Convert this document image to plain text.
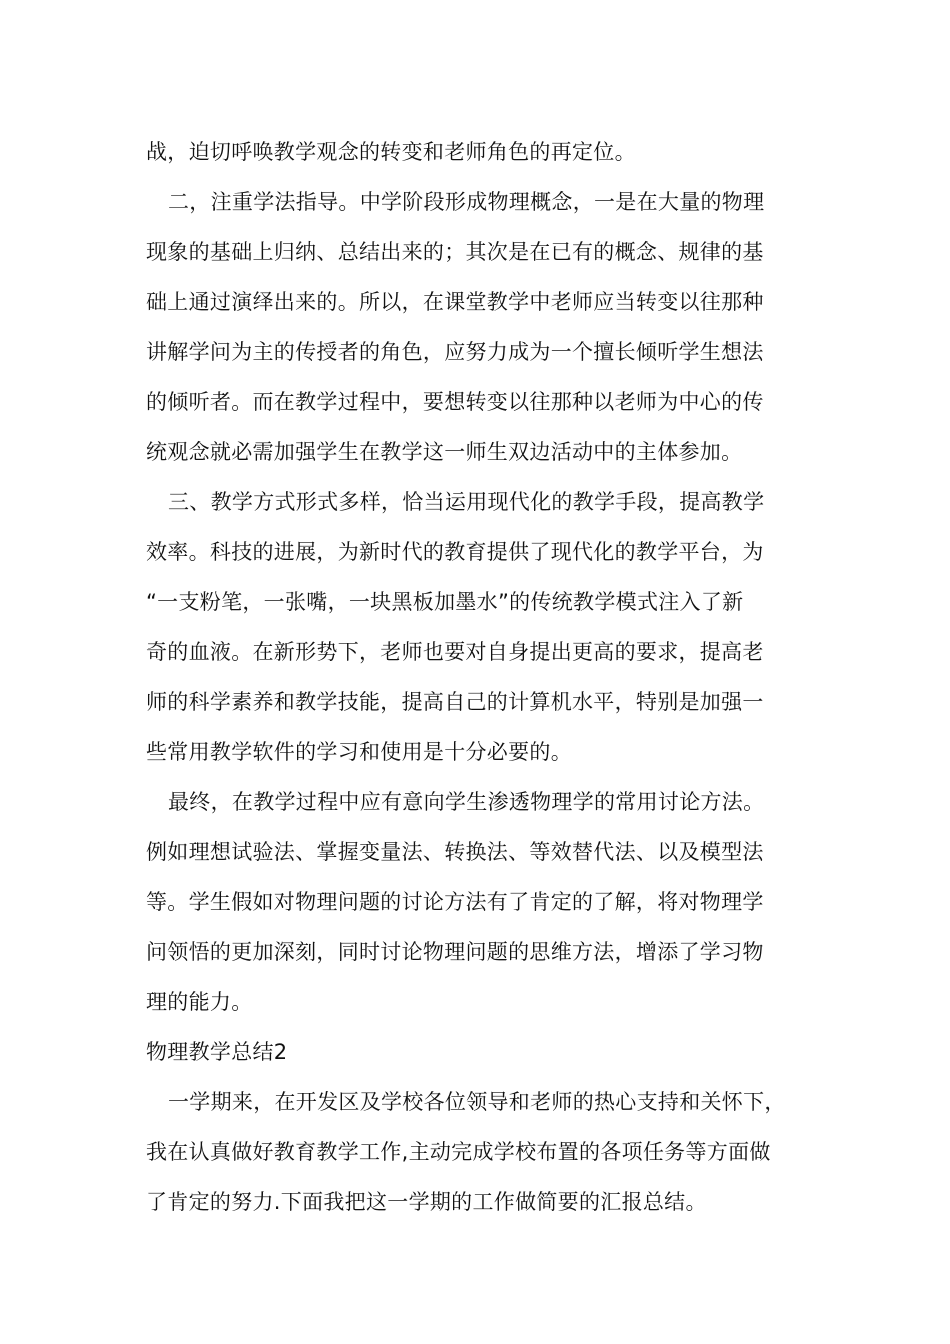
战，迫切呼唤教学观念的转变和老师角色的再定位。
二，注重学法指导。中学阶段形成物理概念，一是在大量的物理
现象的基础上归纳、总结出来的；其次是在已有的概念、规律的基
础上通过演绎出来的。所以，在课堂教学中老师应当转变以往那种
讲解学问为主的传授者的角色，应努力成为一个擅长倾听学生想法
的倾听者。而在教学过程中，要想转变以往那种以老师为中心的传
统观念就必需加强学生在教学这一师生双边活动中的主体参加。
三、教学方式形式多样，恰当运用现代化的教学手段，提高教学
效率。科技的进展，为新时代的教育提供了现代化的教学平台，为
“一支粉笔，一张嘴，一块黑板加墨水”的传统教学模式注入了新
奇的血液。在新形势下，老师也要对自身提出更高的要求，提高老
师的科学素养和教学技能，提高自己的计算机水平，特别是加强一
些常用教学软件的学习和使用是十分必要的。
最终，在教学过程中应有意向学生渗透物理学的常用讨论方法。
例如理想试验法、掌握变量法、转换法、等效替代法、以及模型法
等。学生假如对物理问题的讨论方法有了肯定的了解，将对物理学
问领悟的更加深刻，同时讨论物理问题的思维方法，增添了学习物
理的能力。
物理教学总结2
一学期来，在开发区及学校各位领导和老师的热心支持和关怀下，
我在认真做好教育教学工作,主动完成学校布置的各项任务等方面做
了肯定的努力.下面我把这一学期的工作做简要的汇报总结。
